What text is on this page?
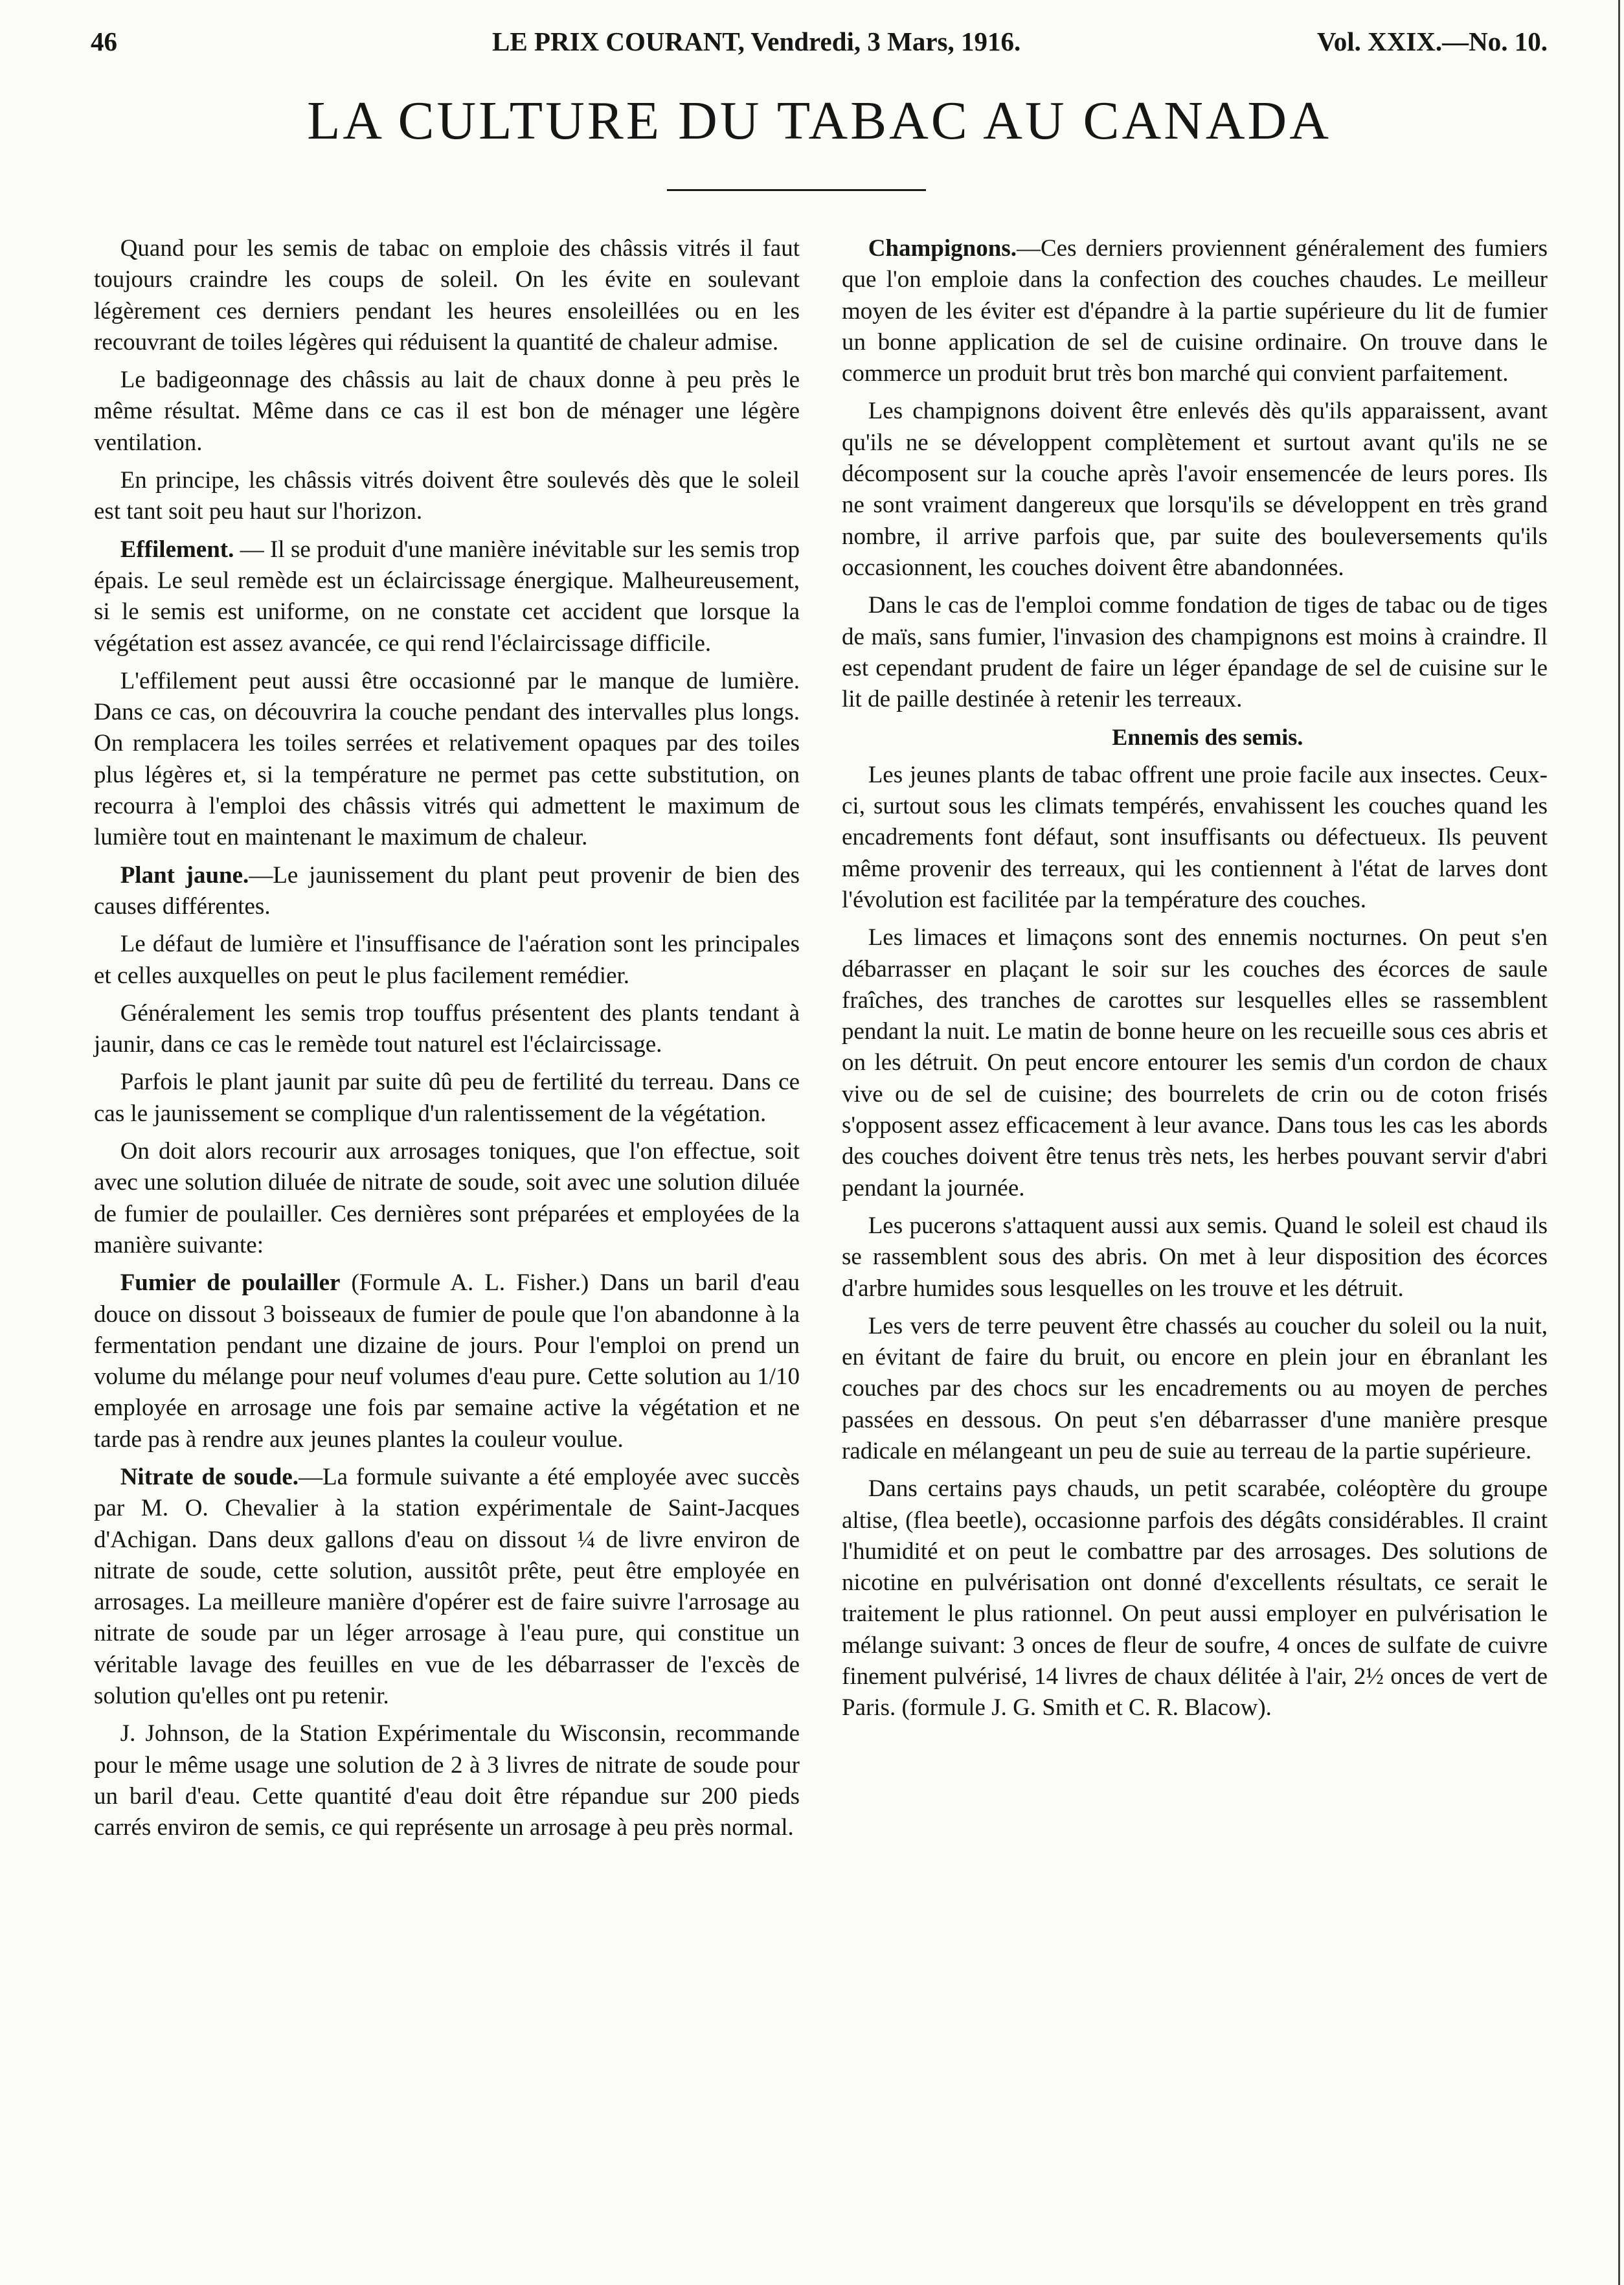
46	LE PRIX COURANT, Vendredi, 3 Mars, 1916.	Vol. XXIX.—No. 10.
LA CULTURE DU TABAC AU CANADA

Quand pour les semis de tabac on emploie des châssis vitrés il faut toujours craindre les coups de soleil. On les évite en soulevant légèrement ces derniers pendant les heures ensoleillées ou en les recouvrant de toiles légères qui réduisent la quantité de chaleur admise.

Le badigeonnage des châssis au lait de chaux donne à peu près le même résultat. Même dans ce cas il est bon de ménager une légère ventilation.

En principe, les châssis vitrés doivent être soulevés dès que le soleil est tant soit peu haut sur l'horizon.

Effilement. — Il se produit d'une manière inévitable sur les semis trop épais. Le seul remède est un éclaircissage énergique. Malheureusement, si le semis est uniforme, on ne constate cet accident que lorsque la végétation est assez avancée, ce qui rend l'éclaircissage difficile.

L'effilement peut aussi être occasionné par le manque de lumière. Dans ce cas, on découvrira la couche pendant des intervalles plus longs. On remplacera les toiles serrées et relativement opaques par des toiles plus légères et, si la température ne permet pas cette substitution, on recourra à l'emploi des châssis vitrés qui admettent le maximum de lumière tout en maintenant le maximum de chaleur.

Plant jaune.—Le jaunissement du plant peut provenir de bien des causes différentes.

Le défaut de lumière et l'insuffisance de l'aération sont les principales et celles auxquelles on peut le plus facilement remédier.

Généralement les semis trop touffus présentent des plants tendant à jaunir, dans ce cas le remède tout naturel est l'éclaircissage.

Parfois le plant jaunit par suite dû peu de fertilité du terreau. Dans ce cas le jaunissement se complique d'un ralentissement de la végétation.

On doit alors recourir aux arrosages toniques, que l'on effectue, soit avec une solution diluée de nitrate de soude, soit avec une solution diluée de fumier de poulailler. Ces dernières sont préparées et employées de la manière suivante:

Fumier de poulailler (Formule A. L. Fisher.) Dans un baril d'eau douce on dissout 3 boisseaux de fumier de poule que l'on abandonne à la fermentation pendant une dizaine de jours. Pour l'emploi on prend un volume du mélange pour neuf volumes d'eau pure. Cette solution au 1/10 employée en arrosage une fois par semaine active la végétation et ne tarde pas à rendre aux jeunes plantes la couleur voulue.

Nitrate de soude.—La formule suivante a été employée avec succès par M. O. Chevalier à la station expérimentale de Saint-Jacques d'Achigan. Dans deux gallons d'eau on dissout ¼ de livre environ de nitrate de soude, cette solution, aussitôt prête, peut être employée en arrosages. La meilleure manière d'opérer est de faire suivre l'arrosage au nitrate de soude par un léger arrosage à l'eau pure, qui constitue un véritable lavage des feuilles en vue de les débarrasser de l'excès de solution qu'elles ont pu retenir.

J. Johnson, de la Station Expérimentale du Wisconsin, recommande pour le même usage une solution de 2 à 3 livres de nitrate de soude pour un baril d'eau. Cette quantité d'eau doit être répandue sur 200 pieds carrés environ de semis, ce qui représente un arrosage à peu près normal.

Champignons.—Ces derniers proviennent généralement des fumiers que l'on emploie dans la confection des couches chaudes. Le meilleur moyen de les éviter est d'épandre à la partie supérieure du lit de fumier un bonne application de sel de cuisine ordinaire. On trouve dans le commerce un produit brut très bon marché qui convient parfaitement.

Les champignons doivent être enlevés dès qu'ils apparaissent, avant qu'ils ne se développent complètement et surtout avant qu'ils ne se décomposent sur la couche après l'avoir ensemencée de leurs pores. Ils ne sont vraiment dangereux que lorsqu'ils se développent en très grand nombre, il arrive parfois que, par suite des bouleversements qu'ils occasionnent, les couches doivent être abandonnées.

Dans le cas de l'emploi comme fondation de tiges de tabac ou de tiges de maïs, sans fumier, l'invasion des champignons est moins à craindre. Il est cependant prudent de faire un léger épandage de sel de cuisine sur le lit de paille destinée à retenir les terreaux.

Ennemis des semis.

Les jeunes plants de tabac offrent une proie facile aux insectes. Ceux-ci, surtout sous les climats tempérés, envahissent les couches quand les encadrements font défaut, sont insuffisants ou défectueux. Ils peuvent même provenir des terreaux, qui les contiennent à l'état de larves dont l'évolution est facilitée par la température des couches.

Les limaces et limaçons sont des ennemis nocturnes. On peut s'en débarrasser en plaçant le soir sur les couches des écorces de saule fraîches, des tranches de carottes sur lesquelles elles se rassemblent pendant la nuit. Le matin de bonne heure on les recueille sous ces abris et on les détruit. On peut encore entourer les semis d'un cordon de chaux vive ou de sel de cuisine; des bourrelets de crin ou de coton frisés s'opposent assez efficacement à leur avance. Dans tous les cas les abords des couches doivent être tenus très nets, les herbes pouvant servir d'abri pendant la journée.

Les pucerons s'attaquent aussi aux semis. Quand le soleil est chaud ils se rassemblent sous des abris. On met à leur disposition des écorces d'arbre humides sous lesquelles on les trouve et les détruit.

Les vers de terre peuvent être chassés au coucher du soleil ou la nuit, en évitant de faire du bruit, ou encore en plein jour en ébranlant les couches par des chocs sur les encadrements ou au moyen de perches passées en dessous. On peut s'en débarrasser d'une manière presque radicale en mélangeant un peu de suie au terreau de la partie supérieure.

Dans certains pays chauds, un petit scarabée, coléoptère du groupe altise, (flea beetle), occasionne parfois des dégâts considérables. Il craint l'humidité et on peut le combattre par des arrosages. Des solutions de nicotine en pulvérisation ont donné d'excellents résultats, ce serait le traitement le plus rationnel. On peut aussi employer en pulvérisation le mélange suivant: 3 onces de fleur de soufre, 4 onces de sulfate de cuivre finement pulvérisé, 14 livres de chaux délitée à l'air, 2½ onces de vert de Paris. (formule J. G. Smith et C. R. Blacow).
